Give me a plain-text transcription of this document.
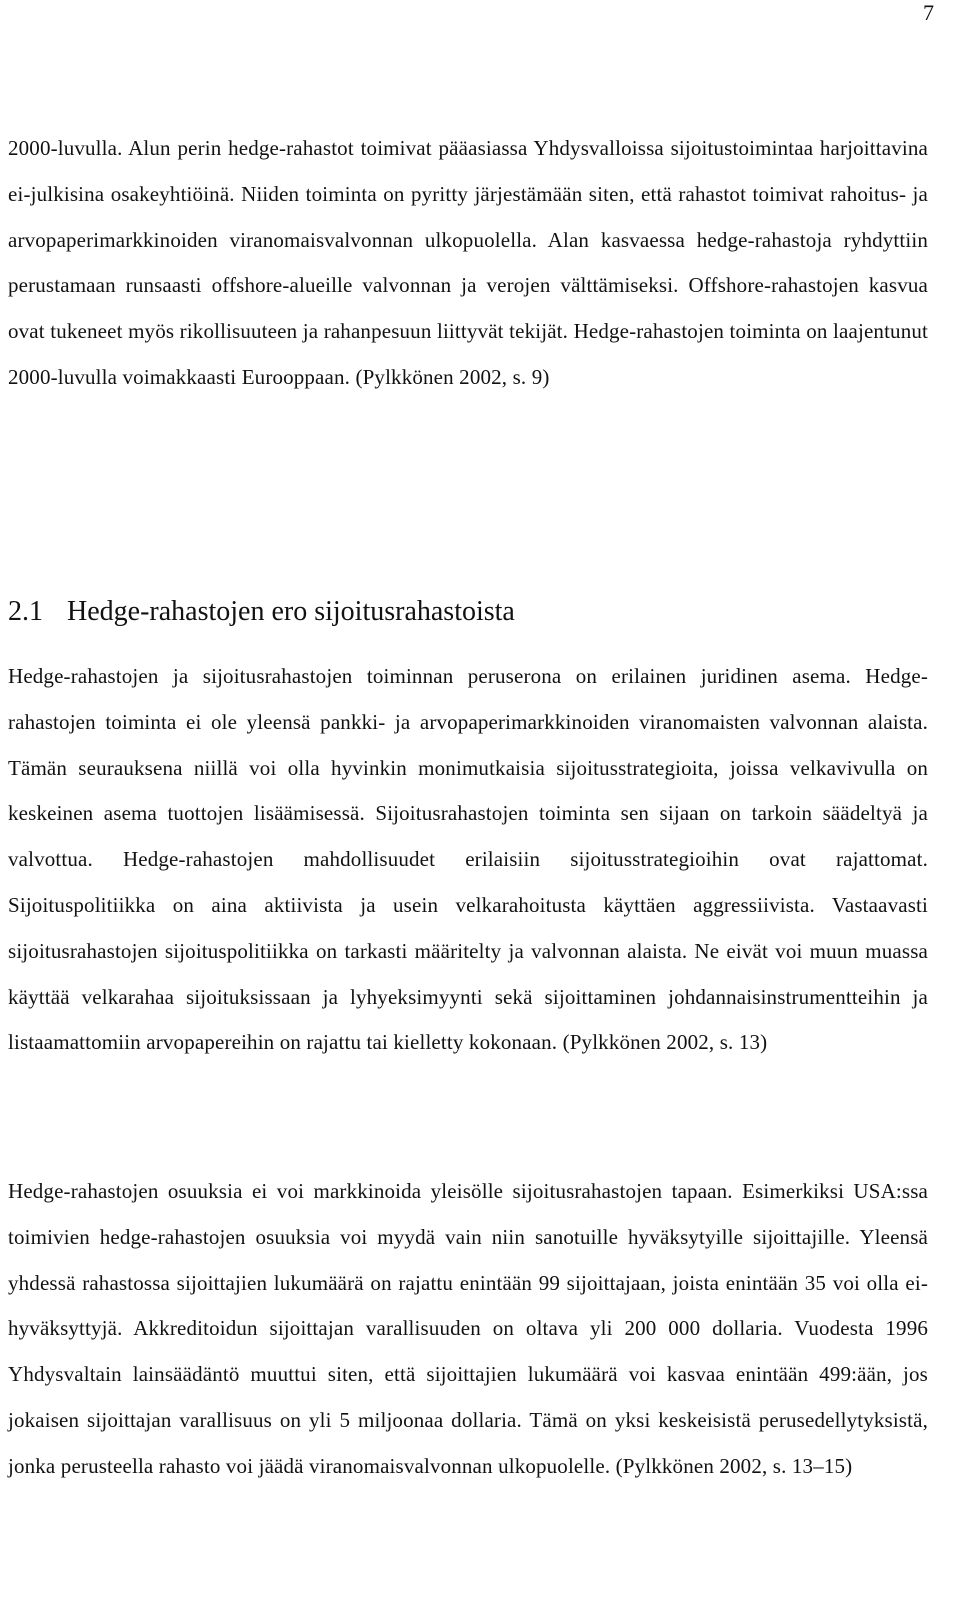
7

2000-luvulla. Alun perin hedge-rahastot toimivat pääasiassa Yhdysvalloissa sijoitustoimintaa harjoittavina ei-julkisina osakeyhtiöinä. Niiden toiminta on pyritty järjestämään siten, että rahastot toimivat rahoitus- ja arvopaperimarkkinoiden viranomaisvalvonnan ulkopuolella. Alan kasvaessa hedge-rahastoja ryhdyttiin perustamaan runsaasti offshore-alueille valvonnan ja verojen välttämiseksi. Offshore-rahastojen kasvua ovat tukeneet myös rikollisuuteen ja rahanpesuun liittyvät tekijät. Hedge-rahastojen toiminta on laajentunut 2000-luvulla voimakkaasti Eurooppaan. (Pylkkönen 2002, s. 9)

2.1 Hedge-rahastojen ero sijoitusrahastoista

Hedge-rahastojen ja sijoitusrahastojen toiminnan peruserona on erilainen juridinen asema. Hedge-rahastojen toiminta ei ole yleensä pankki- ja arvopaperimarkkinoiden viranomaisten valvonnan alaista. Tämän seurauksena niillä voi olla hyvinkin monimutkaisia sijoitusstrategioita, joissa velkavivulla on keskeinen asema tuottojen lisäämisessä. Sijoitusrahastojen toiminta sen sijaan on tarkoin säädeltyä ja valvottua. Hedge-rahastojen mahdollisuudet erilaisiin sijoitusstrategioihin ovat rajattomat. Sijoituspolitiikka on aina aktiivista ja usein velkarahoitusta käyttäen aggressiivista. Vastaavasti sijoitusrahastojen sijoituspolitiikka on tarkasti määritelty ja valvonnan alaista. Ne eivät voi muun muassa käyttää velkarahaa sijoituksissaan ja lyhyeksimyynti sekä sijoittaminen johdannaisinstrumentteihin ja listaamattomiin arvopapereihin on rajattu tai kielletty kokonaan. (Pylkkönen 2002, s. 13)

Hedge-rahastojen osuuksia ei voi markkinoida yleisölle sijoitusrahastojen tapaan. Esimerkiksi USA:ssa toimivien hedge-rahastojen osuuksia voi myydä vain niin sanotuille hyväksytyille sijoittajille. Yleensä yhdessä rahastossa sijoittajien lukumäärä on rajattu enintään 99 sijoittajaan, joista enintään 35 voi olla ei-hyväksyttyjä. Akkreditoidun sijoittajan varallisuuden on oltava yli 200 000 dollaria. Vuodesta 1996 Yhdysvaltain lainsäädäntö muuttui siten, että sijoittajien lukumäärä voi kasvaa enintään 499:ään, jos jokaisen sijoittajan varallisuus on yli 5 miljoonaa dollaria. Tämä on yksi keskeisistä perusedellytyksistä, jonka perusteella rahasto voi jäädä viranomaisvalvonnan ulkopuolelle. (Pylkkönen 2002, s. 13–15)
